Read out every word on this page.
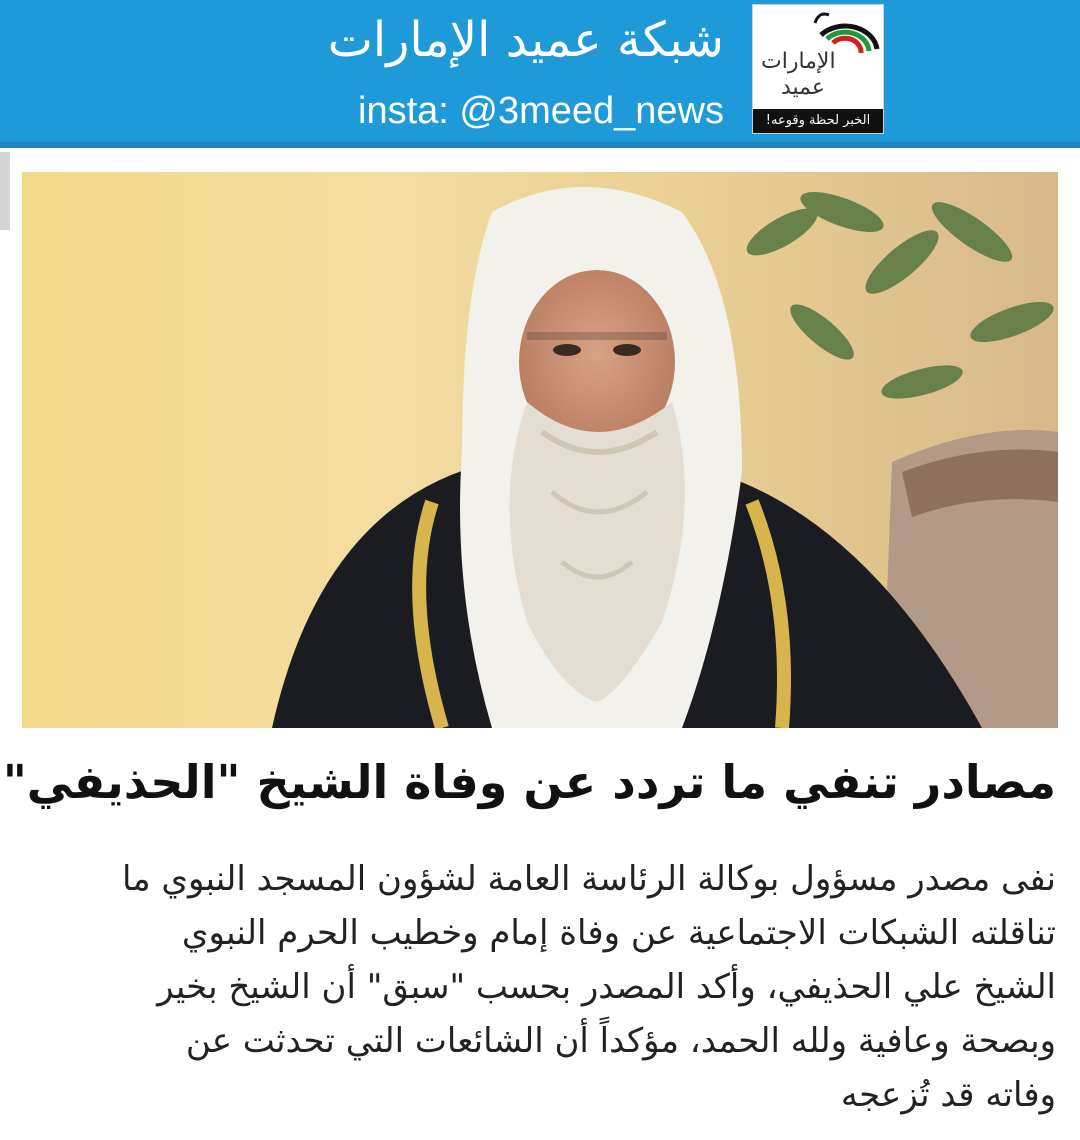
شبكة عميد الإمارات
insta: @3meed_news
الإمارات
عميد
الخبر لحظة وقوعه!
مصادر تنفي ما تردد عن وفاة الشيخ "الحذيفي"
نفى مصدر مسؤول بوكالة الرئاسة العامة لشؤون المسجد النبوي ما
تناقلته الشبكات الاجتماعية عن وفاة إمام وخطيب الحرم النبوي
الشيخ علي الحذيفي، وأكد المصدر بحسب "سبق" أن الشيخ بخير
وبصحة وعافية ولله الحمد، مؤكداً أن الشائعات التي تحدثت عن
وفاته قد تُزعجه
